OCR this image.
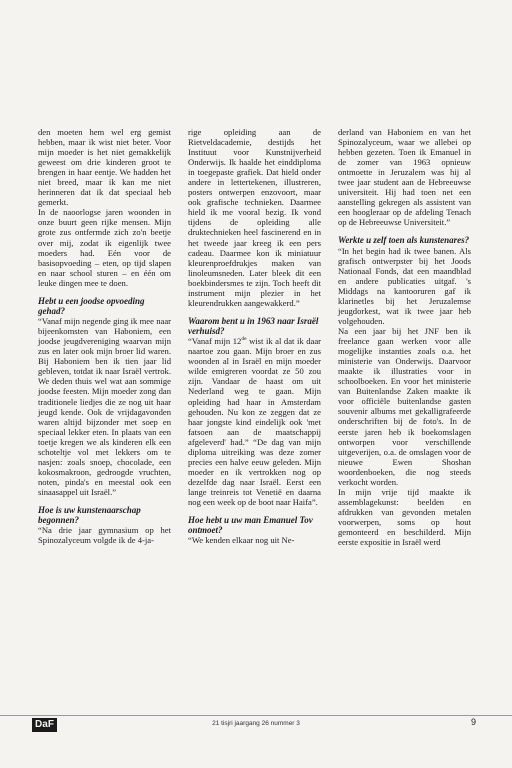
den moeten hem wel erg gemist hebben, maar ik wist niet beter. Voor mijn moeder is het niet gemakkelijk geweest om drie kinderen groot te brengen in haar eentje. We hadden het niet breed, maar ik kan me niet herinneren dat ik dat speciaal heb gemerkt.

In de naoorlogse jaren woonden in onze buurt geen rijke mensen. Mijn grote zus ontfermde zich zo'n beetje over mij, zodat ik eigenlijk twee moeders had. Eén voor de basisopvoeding – eten, op tijd slapen en naar school sturen – en één om leuke dingen mee te doen.

Hebt u een joodse opvoeding gehad?

“Vanaf mijn negende ging ik mee naar bijeenkomsten van Haboniem, een joodse jeugdvereniging waarvan mijn zus en later ook mijn broer lid waren. Bij Haboniem ben ik tien jaar lid gebleven, totdat ik naar Israël vertrok. We deden thuis wel wat aan sommige joodse feesten. Mijn moeder zong dan traditionele liedjes die ze nog uit haar jeugd kende. Ook de vrijdagavonden waren altijd bijzonder met soep en speciaal lekker eten. In plaats van een toetje kregen we als kinderen elk een schoteltje vol met lekkers om te nasjen: zoals snoep, chocolade, een kokosmakroon, gedroogde vruchten, noten, pinda's en meestal ook een sinaasappel uit Israël.”

Hoe is uw kunstenaarschap begonnen?

“Na drie jaar gymnasium op het Spinozalyceum volgde ik de 4-ja-

rige opleiding aan de Rietveldacademie, destijds het Instituut voor Kunstnijverheid Onderwijs. Ik haalde het einddiploma in toegepaste grafiek. Dat hield onder andere in lettertekenen, illustreren, posters ontwerpen enzovoort, maar ook grafische technieken. Daarmee hield ik me vooral bezig. Ik vond tijdens de opleiding alle druktechnieken heel fascinerend en in het tweede jaar kreeg ik een pers cadeau. Daarmee kon ik miniatuur kleurenproefdrukjes maken van linoleumsneden. Later bleek dit een boekbindersmes te zijn. Toch heeft dit instrument mijn plezier in het kleurendrukken aangewakkerd.”

Waarom bent u in 1963 naar Israël verhuisd?

“Vanaf mijn 12de wist ik al dat ik daar naartoe zou gaan. Mijn broer en zus woonden al in Israël en mijn moeder wilde emigreren voordat ze 50 zou zijn. Vandaar de haast om uit Nederland weg te gaan. Mijn opleiding had haar in Amsterdam gehouden. Nu kon ze zeggen dat ze haar jongste kind eindelijk ook 'met fatsoen aan de maatschappij afgeleverd' had.” “De dag van mijn diploma uitreiking was deze zomer precies een halve eeuw geleden. Mijn moeder en ik vertrokken nog op dezelfde dag naar Israël. Eerst een lange treinreis tot Venetië en daarna nog een week op de boot naar Haifa”.

Hoe hebt u uw man Emanuel Tov ontmoet?

“We kenden elkaar nog uit Ne-

derland van Haboniem en van het Spinozalyceum, waar we allebei op hebben gezeten. Toen ik Emanuel in de zomer van 1963 opnieuw ontmoette in Jeruzalem was hij al twee jaar student aan de Hebreeuwse universiteit. Hij had toen net een aanstelling gekregen als assistent van een hoogleraar op de afdeling Tenach op de Hebreeuwse Universiteit.”

Werkte u zelf toen als kunstenares?

“In het begin had ik twee banen. Als grafisch ontwerpster bij het Joods Nationaal Fonds, dat een maandblad en andere publicaties uitgaf. 's Middags na kantooruren gaf ik klarinetles bij het Jeruzalemse jeugdorkest, wat ik twee jaar heb volgehouden.

Na een jaar bij het JNF ben ik freelance gaan werken voor alle mogelijke instanties zoals o.a. het ministerie van Onderwijs. Daarvoor maakte ik illustraties voor in schoolboeken. En voor het ministerie van Buitenlandse Zaken maakte ik voor officiële buitenlandse gasten souvenir albums met gekalligrafeerde onderschriften bij de foto's. In de eerste jaren heb ik boekomslagen ontworpen voor verschillende uitgeverijen, o.a. de omslagen voor de nieuwe Ewen Shoshan woordenboeken, die nog steeds verkocht worden.

In mijn vrije tijd maakte ik assemblagekunst: beelden en afdrukken van gevonden metalen voorwerpen, soms op hout gemonteerd en beschilderd. Mijn eerste expositie in Israël werd

DaF	21 tisjri jaargang 26 nummer 3	9
